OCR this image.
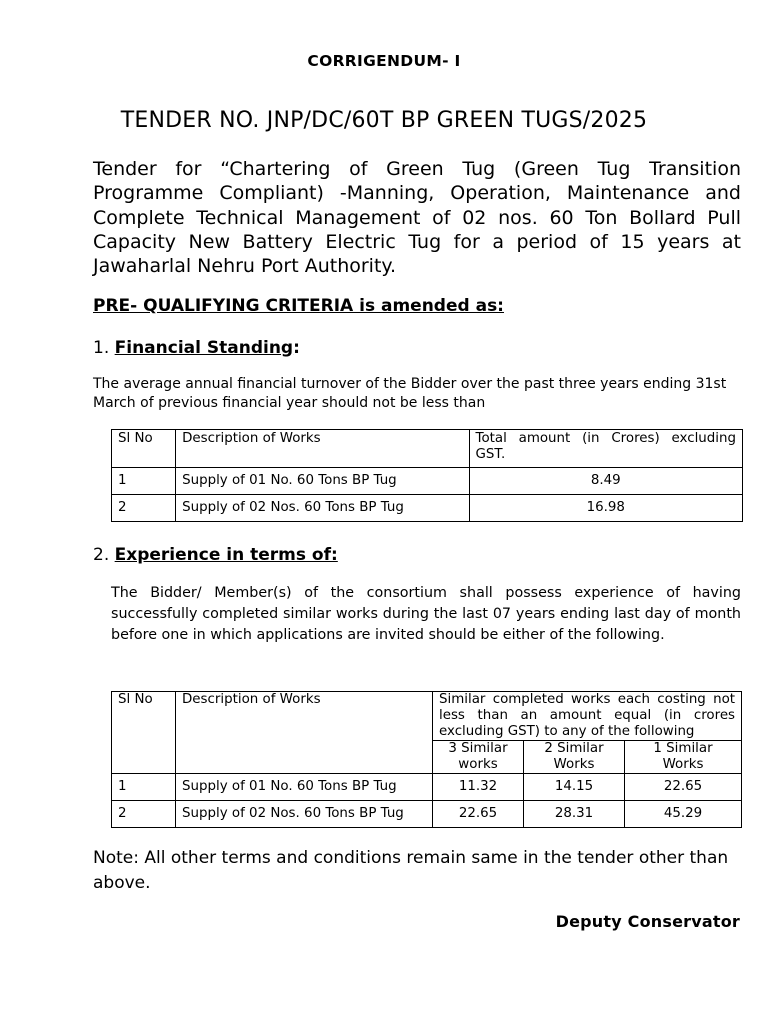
CORRIGENDUM- I
TENDER NO. JNP/DC/60T BP GREEN TUGS/2025
Tender for “Chartering of Green Tug (Green Tug Transition Programme Compliant) -Manning, Operation, Maintenance and Complete Technical Management of 02 nos. 60 Ton Bollard Pull Capacity New Battery Electric Tug for a period of 15 years at Jawaharlal Nehru Port Authority.
PRE- QUALIFYING CRITERIA is amended as:
1. Financial Standing:
The average annual financial turnover of the Bidder over the past three years ending 31st March of previous financial year should not be less than
Sl No	Description of Works	Total amount (in Crores) excluding GST.
1	Supply of 01 No. 60 Tons BP Tug	8.49
2	Supply of 02 Nos. 60 Tons BP Tug	16.98
2. Experience in terms of:
The Bidder/ Member(s) of the consortium shall possess experience of having successfully completed similar works during the last 07 years ending last day of month before one in which applications are invited should be either of the following.
Sl No	Description of Works	Similar completed works each costing not less than an amount equal (in crores excluding GST) to any of the following		
		3 Similar works	2 Similar Works	1 Similar Works
1	Supply of 01 No. 60 Tons BP Tug	11.32	14.15	22.65
2	Supply of 02 Nos. 60 Tons BP Tug	22.65	28.31	45.29
Note: All other terms and conditions remain same in the tender other than above.
Deputy Conservator
